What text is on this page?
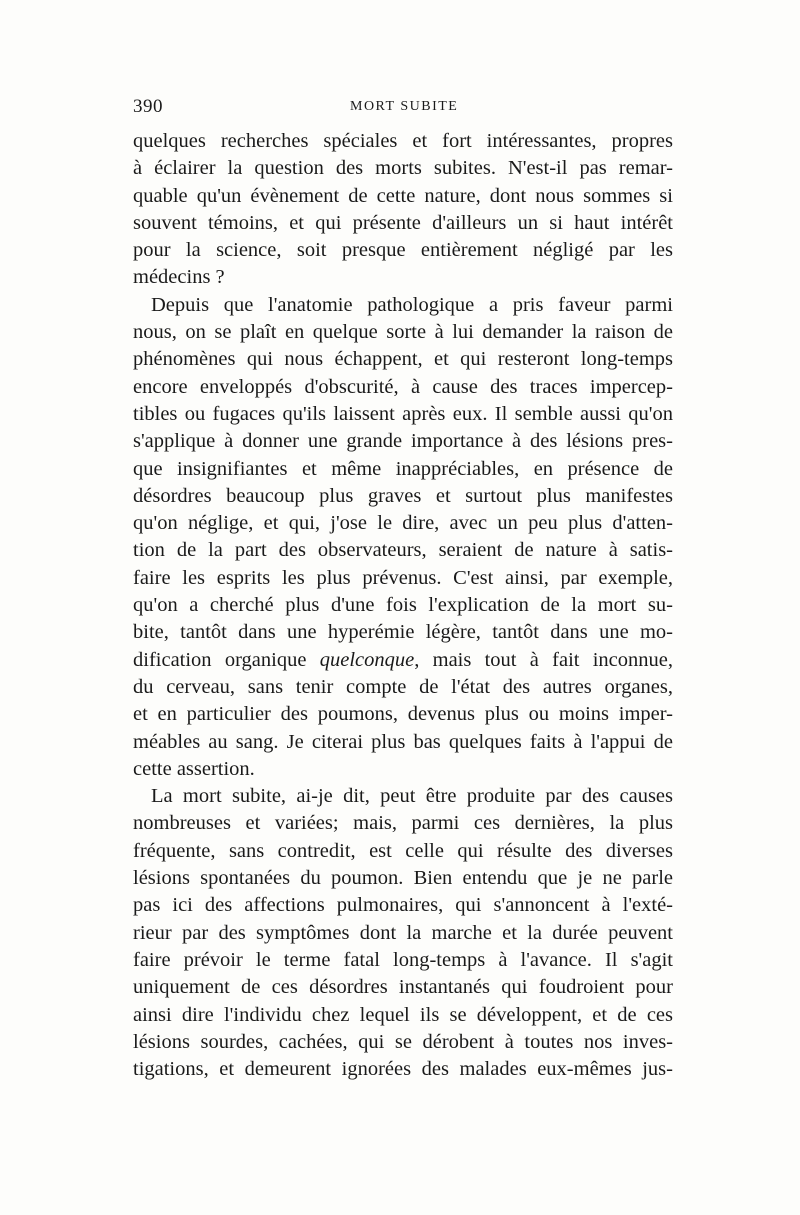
390	MORT SUBITE
quelques recherches spéciales et fort intéressantes, propres
à éclairer la question des morts subites. N'est-il pas remar-
quable qu'un évènement de cette nature, dont nous sommes si
souvent témoins, et qui présente d'ailleurs un si haut intérêt
pour la science, soit presque entièrement négligé par les
médecins ?
Depuis que l'anatomie pathologique a pris faveur parmi
nous, on se plaît en quelque sorte à lui demander la raison de
phénomènes qui nous échappent, et qui resteront long-temps
encore enveloppés d'obscurité, à cause des traces impercep-
tibles ou fugaces qu'ils laissent après eux. Il semble aussi qu'on
s'applique à donner une grande importance à des lésions pres-
que insignifiantes et même inappréciables, en présence de
désordres beaucoup plus graves et surtout plus manifestes
qu'on néglige, et qui, j'ose le dire, avec un peu plus d'atten-
tion de la part des observateurs, seraient de nature à satis-
faire les esprits les plus prévenus. C'est ainsi, par exemple,
qu'on a cherché plus d'une fois l'explication de la mort su-
bite, tantôt dans une hyperémie légère, tantôt dans une mo-
dification organique quelconque, mais tout à fait inconnue,
du cerveau, sans tenir compte de l'état des autres organes,
et en particulier des poumons, devenus plus ou moins imper-
méables au sang. Je citerai plus bas quelques faits à l'appui de
cette assertion.
La mort subite, ai-je dit, peut être produite par des causes
nombreuses et variées; mais, parmi ces dernières, la plus
fréquente, sans contredit, est celle qui résulte des diverses
lésions spontanées du poumon. Bien entendu que je ne parle
pas ici des affections pulmonaires, qui s'annoncent à l'exté-
rieur par des symptômes dont la marche et la durée peuvent
faire prévoir le terme fatal long-temps à l'avance. Il s'agit
uniquement de ces désordres instantanés qui foudroient pour
ainsi dire l'individu chez lequel ils se développent, et de ces
lésions sourdes, cachées, qui se dérobent à toutes nos inves-
tigations, et demeurent ignorées des malades eux-mêmes jus-
